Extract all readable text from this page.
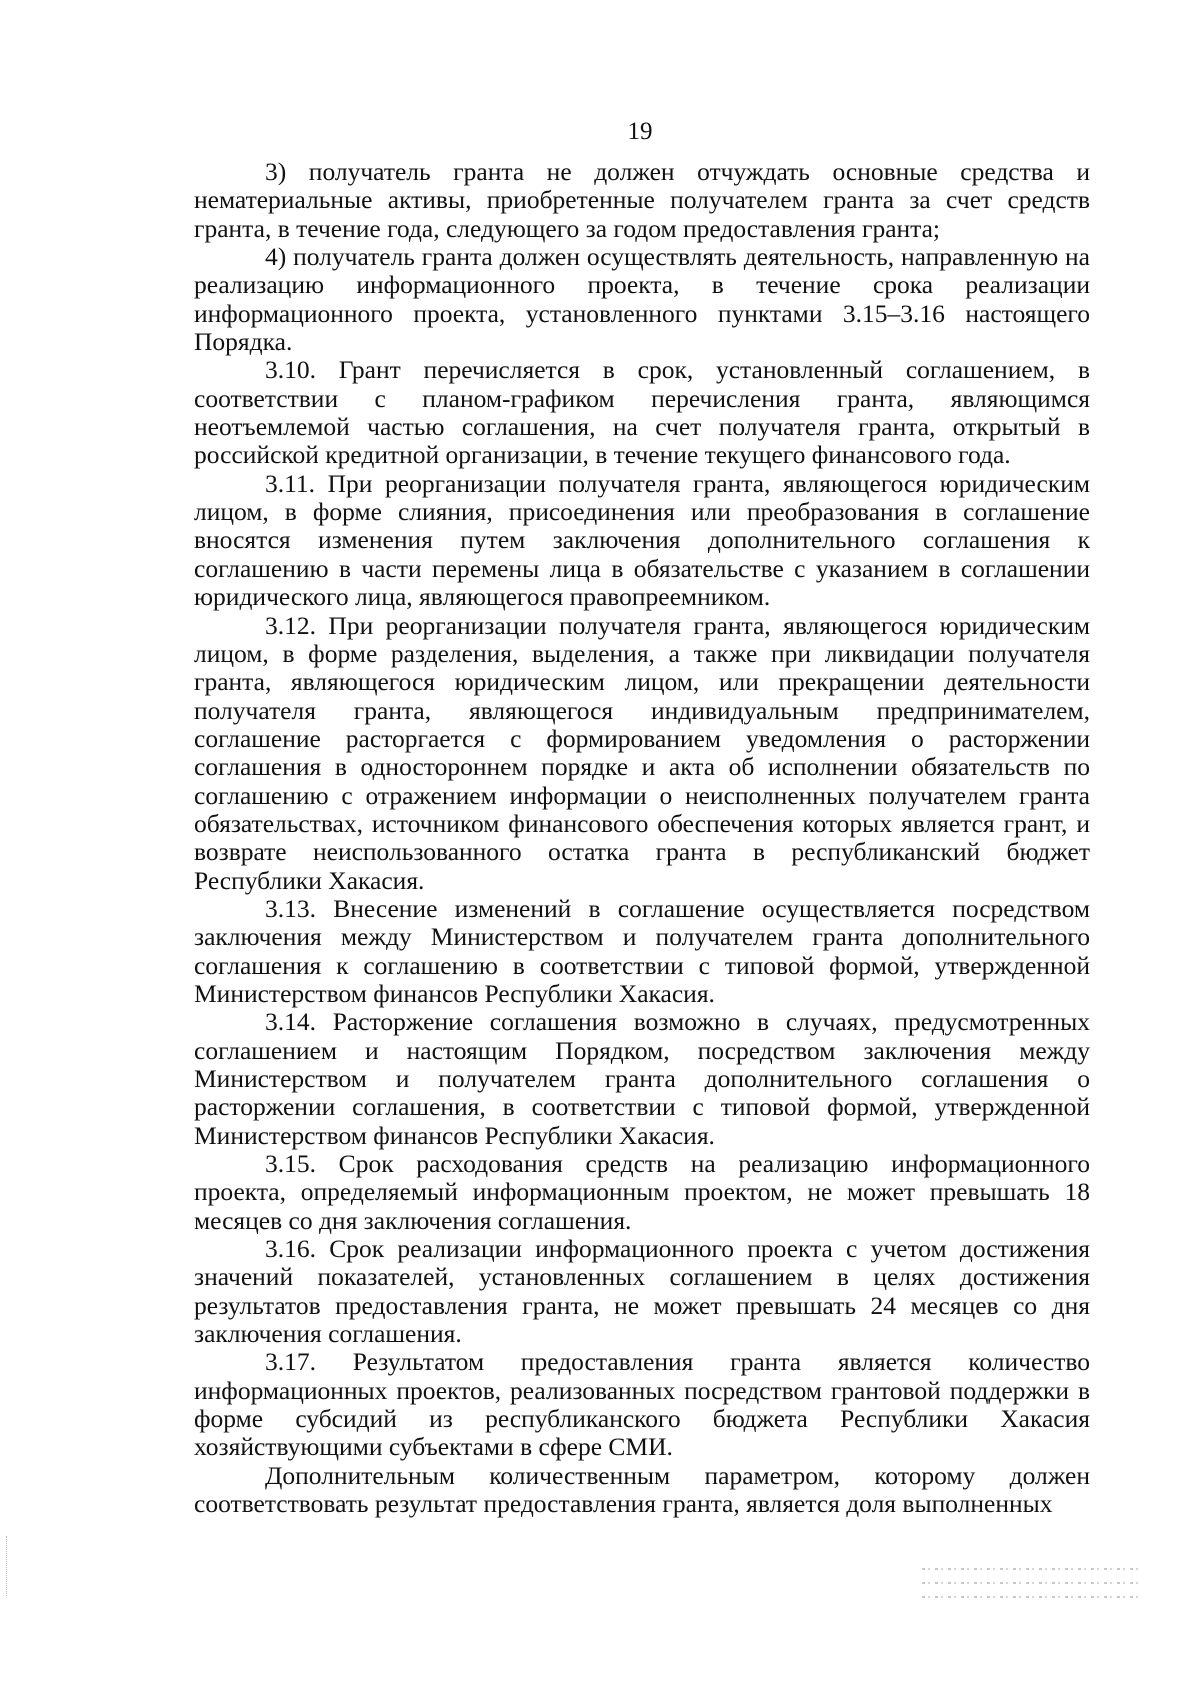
19

3) получатель гранта не должен отчуждать основные средства и нематериальные активы, приобретенные получателем гранта за счет средств гранта, в течение года, следующего за годом предоставления гранта;

4) получатель гранта должен осуществлять деятельность, направленную на реализацию информационного проекта, в течение срока реализации информационного проекта, установленного пунктами 3.15–3.16 настоящего Порядка.

3.10. Грант перечисляется в срок, установленный соглашением, в соответствии с планом-графиком перечисления гранта, являющимся неотъемлемой частью соглашения, на счет получателя гранта, открытый в российской кредитной организации, в течение текущего финансового года.

3.11. При реорганизации получателя гранта, являющегося юридическим лицом, в форме слияния, присоединения или преобразования в соглашение вносятся изменения путем заключения дополнительного соглашения к соглашению в части перемены лица в обязательстве с указанием в соглашении юридического лица, являющегося правопреемником.

3.12. При реорганизации получателя гранта, являющегося юридическим лицом, в форме разделения, выделения, а также при ликвидации получателя гранта, являющегося юридическим лицом, или прекращении деятельности получателя гранта, являющегося индивидуальным предпринимателем, соглашение расторгается с формированием уведомления о расторжении соглашения в одностороннем порядке и акта об исполнении обязательств по соглашению с отражением информации о неисполненных получателем гранта обязательствах, источником финансового обеспечения которых является грант, и возврате неиспользованного остатка гранта в республиканский бюджет Республики Хакасия.

3.13. Внесение изменений в соглашение осуществляется посредством заключения между Министерством и получателем гранта дополнительного соглашения к соглашению в соответствии с типовой формой, утвержденной Министерством финансов Республики Хакасия.

3.14. Расторжение соглашения возможно в случаях, предусмотренных соглашением и настоящим Порядком, посредством заключения между Министерством и получателем гранта дополнительного соглашения о расторжении соглашения, в соответствии с типовой формой, утвержденной Министерством финансов Республики Хакасия.

3.15. Срок расходования средств на реализацию информационного проекта, определяемый информационным проектом, не может превышать 18 месяцев со дня заключения соглашения.

3.16. Срок реализации информационного проекта с учетом достижения значений показателей, установленных соглашением в целях достижения результатов предоставления гранта, не может превышать 24 месяцев со дня заключения соглашения.

3.17. Результатом предоставления гранта является количество информационных проектов, реализованных посредством грантовой поддержки в форме субсидий из республиканского бюджета Республики Хакасия хозяйствующими субъектами в сфере СМИ.

Дополнительным количественным параметром, которому должен соответствовать результат предоставления гранта, является доля выполненных
